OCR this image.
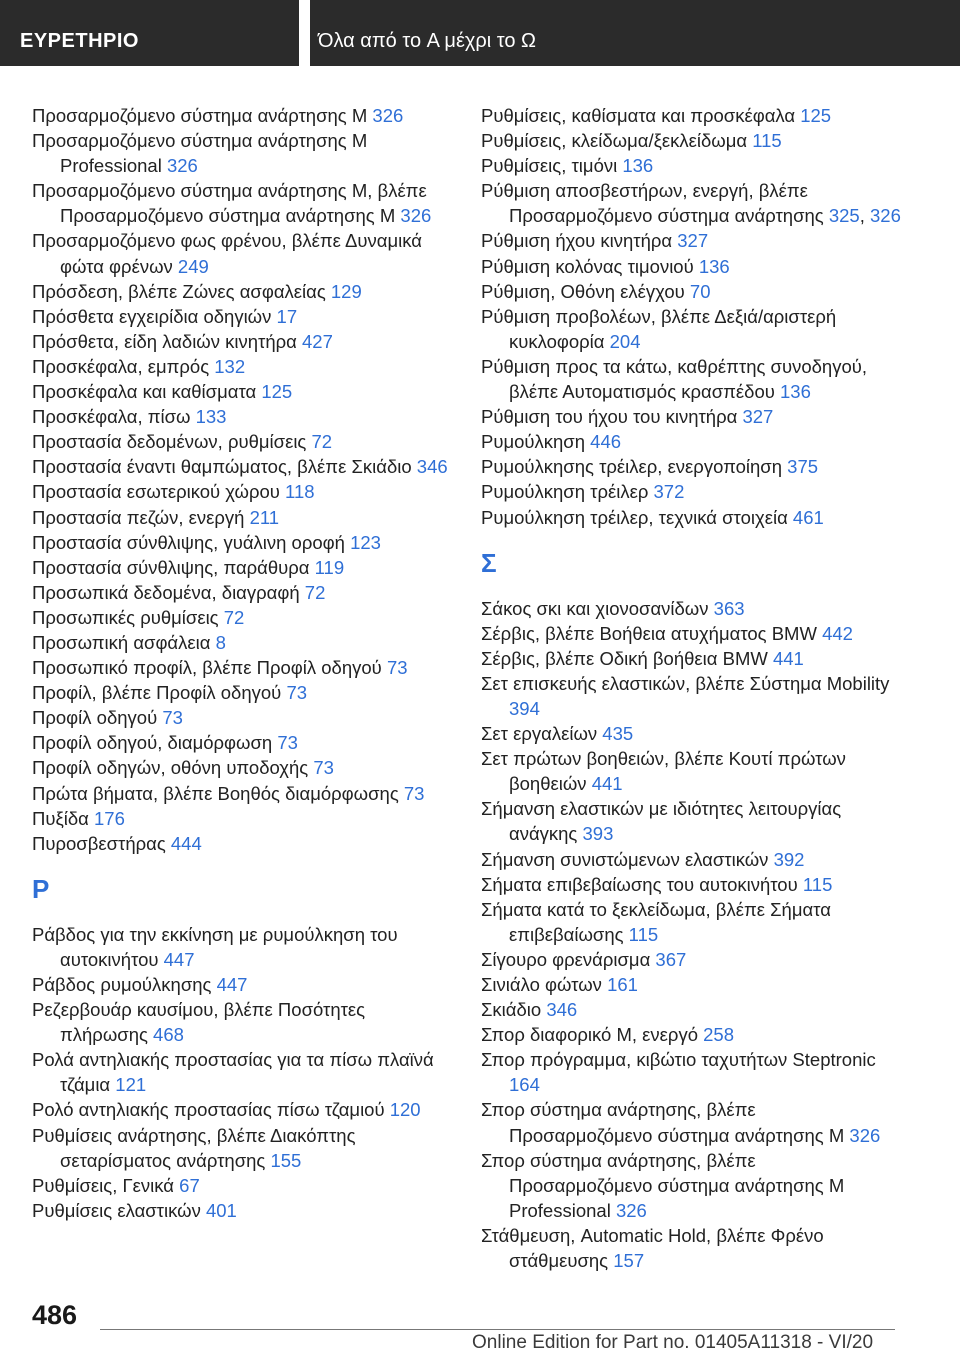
ΕΥΡΕΤΗΡΙΟ	Όλα από το A μέχρι το Ω
Προσαρμοζόμενο σύστημα ανάρτησης M 326
Προσαρμοζόμενο σύστημα ανάρτησης M Professional 326
Προσαρμοζόμενο σύστημα ανάρτησης M, βλέπε Προσαρμοζόμενο σύστημα ανάρτησης M 326
Προσαρμοζόμενο φως φρένου, βλέπε Δυναμικά φώτα φρένων 249
Πρόσδεση, βλέπε Ζώνες ασφαλείας 129
Πρόσθετα εγχειρίδια οδηγιών 17
Πρόσθετα, είδη λαδιών κινητήρα 427
Προσκέφαλα, εμπρός 132
Προσκέφαλα και καθίσματα 125
Προσκέφαλα, πίσω 133
Προστασία δεδομένων, ρυθμίσεις 72
Προστασία έναντι θαμπώματος, βλέπε Σκιάδιο 346
Προστασία εσωτερικού χώρου 118
Προστασία πεζών, ενεργή 211
Προστασία σύνθλιψης, γυάλινη οροφή 123
Προστασία σύνθλιψης, παράθυρα 119
Προσωπικά δεδομένα, διαγραφή 72
Προσωπικές ρυθμίσεις 72
Προσωπική ασφάλεια 8
Προσωπικό προφίλ, βλέπε Προφίλ οδηγού 73
Προφίλ, βλέπε Προφίλ οδηγού 73
Προφίλ οδηγού 73
Προφίλ οδηγού, διαμόρφωση 73
Προφίλ οδηγών, οθόνη υποδοχής 73
Πρώτα βήματα, βλέπε Βοηθός διαμόρφωσης 73
Πυξίδα 176
Πυροσβεστήρας 444
Ρ
Ράβδος για την εκκίνηση με ρυμούλκηση του αυτοκινήτου 447
Ράβδος ρυμούλκησης 447
Ρεζερβουάρ καυσίμου, βλέπε Ποσότητες πλήρωσης 468
Ρολά αντηλιακής προστασίας για τα πίσω πλαϊνά τζάμια 121
Ρολό αντηλιακής προστασίας πίσω τζαμιού 120
Ρυθμίσεις ανάρτησης, βλέπε Διακόπτης σεταρίσματος ανάρτησης 155
Ρυθμίσεις, Γενικά 67
Ρυθμίσεις ελαστικών 401
Ρυθμίσεις, καθίσματα και προσκέφαλα 125
Ρυθμίσεις, κλείδωμα/ξεκλείδωμα 115
Ρυθμίσεις, τιμόνι 136
Ρύθμιση αποσβεστήρων, ενεργή, βλέπε Προσαρμοζόμενο σύστημα ανάρτησης 325, 326
Ρύθμιση ήχου κινητήρα 327
Ρύθμιση κολόνας τιμονιού 136
Ρύθμιση, Οθόνη ελέγχου 70
Ρύθμιση προβολέων, βλέπε Δεξιά/αριστερή κυκλοφορία 204
Ρύθμιση προς τα κάτω, καθρέπτης συνοδηγού, βλέπε Αυτοματισμός κρασπέδου 136
Ρύθμιση του ήχου του κινητήρα 327
Ρυμούλκηση 446
Ρυμούλκησης τρέιλερ, ενεργοποίηση 375
Ρυμούλκηση τρέιλερ 372
Ρυμούλκηση τρέιλερ, τεχνικά στοιχεία 461
Σ
Σάκος σκι και χιονοσανίδων 363
Σέρβις, βλέπε Βοήθεια ατυχήματος BMW 442
Σέρβις, βλέπε Οδική βοήθεια BMW 441
Σετ επισκευής ελαστικών, βλέπε Σύστημα Mobility 394
Σετ εργαλείων 435
Σετ πρώτων βοηθειών, βλέπε Κουτί πρώτων βοηθειών 441
Σήμανση ελαστικών με ιδιότητες λειτουργίας ανάγκης 393
Σήμανση συνιστώμενων ελαστικών 392
Σήματα επιβεβαίωσης του αυτοκινήτου 115
Σήματα κατά το ξεκλείδωμα, βλέπε Σήματα επιβεβαίωσης 115
Σίγουρο φρενάρισμα 367
Σινιάλο φώτων 161
Σκιάδιο 346
Σπορ διαφορικό M, ενεργό 258
Σπορ πρόγραμμα, κιβώτιο ταχυτήτων Steptronic 164
Σπορ σύστημα ανάρτησης, βλέπε Προσαρμοζόμενο σύστημα ανάρτησης M 326
Σπορ σύστημα ανάρτησης, βλέπε Προσαρμοζόμενο σύστημα ανάρτησης M Professional 326
Στάθμευση, Automatic Hold, βλέπε Φρένο στάθμευσης 157
486
Online Edition for Part no. 01405A11318 - VI/20
